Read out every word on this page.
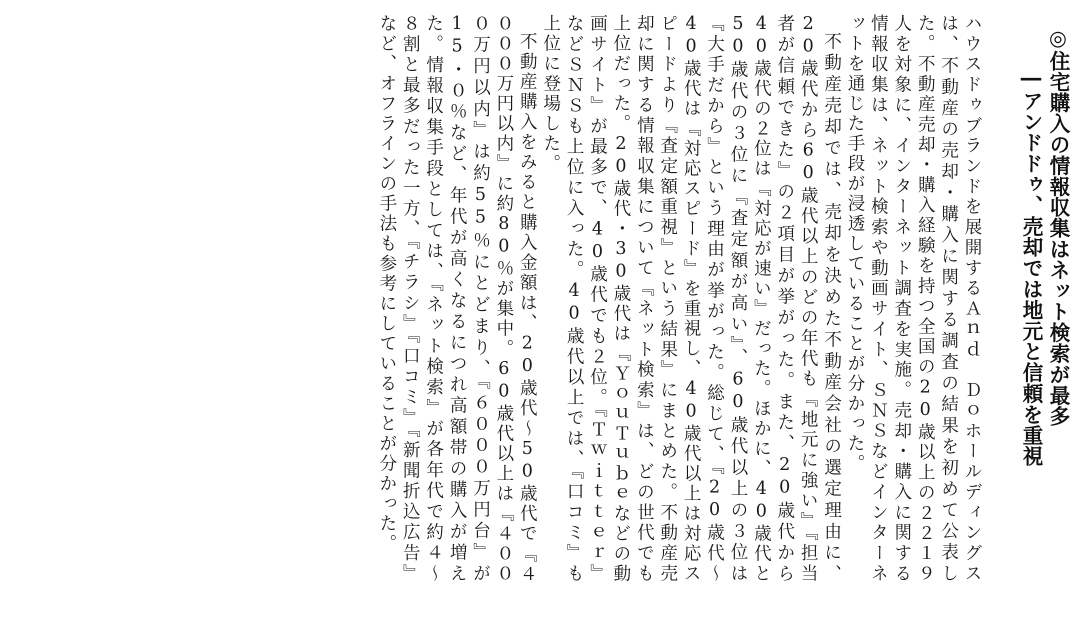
◎住宅購入の情報収集はネット検索が最多
―アンドドゥ、売却では地元と信頼を重視

ハウスドゥブランドを展開するＡｎｄ　Ｄｏホールディングスは、不動産の売却・購入に関する調査の結果を初めて公表した。不動産売却・購入経験を持つ全国の20歳以上の２２１９人を対象に、インターネット調査を実施。売却・購入に関する情報収集は、ネット検索や動画サイト、ＳＮＳなどインターネットを通じた手段が浸透していることが分かった。

不動産売却では、売却を決めた不動産会社の選定理由に、20歳代から60歳代以上のどの年代も『地元に強い』『担当者が信頼できた』の２項目が挙がった。また、20歳代から40歳代の２位は『対応が速い』だった。ほかに、40歳代と50歳代の３位に『査定額が高い』、60歳代以上の３位は『大手だから』という理由が挙がった。総じて、『20歳代～40歳代は『対応スピード』を重視し、40歳代以上は対応スピードより『査定額重視』という結果』にまとめた。不動産売却に関する情報収集について『ネット検索』は、どの世代でも上位だった。20歳代・30歳代は『ＹｏｕＴｕｂｅなどの動画サイト』が最多で、40歳代でも２位。『Ｔｗｉｔｔｅｒ』などＳＮＳも上位に入った。40歳代以上では、『口コミ』も上位に登場した。

不動産購入をみると購入金額は、20歳代～50歳代で『４０００万円以内』に約80％が集中。60歳代以上は『４０００万円以内』は約55％にとどまり、『６０００万円台』が15・０％など、年代が高くなるにつれ高額帯の購入が増えた。情報収集手段としては、『ネット検索』が各年代で約４～８割と最多だった一方、『チラシ』『口コミ』『新聞折込広告』など、オフラインの手法も参考にしていることが分かった。
